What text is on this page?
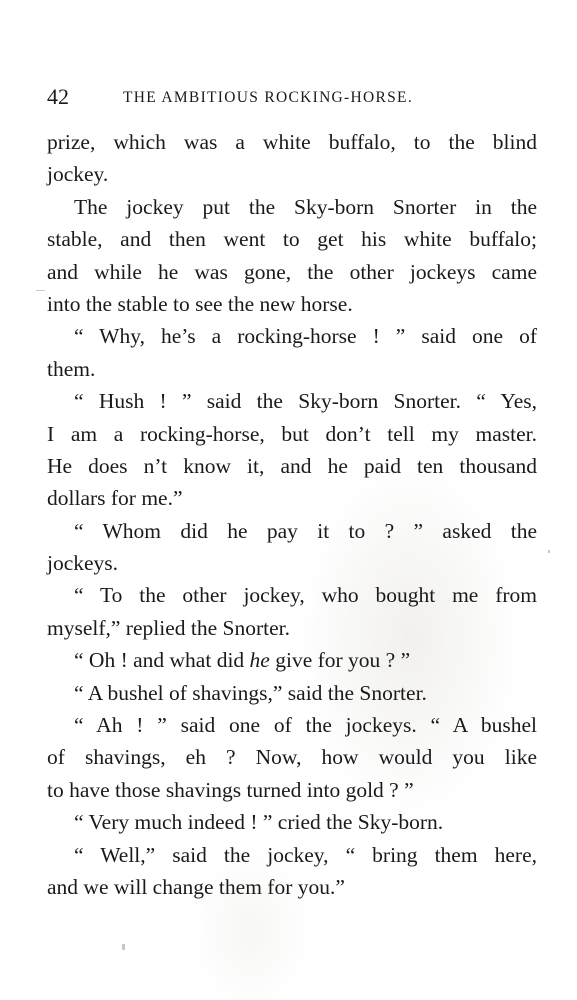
42	THE AMBITIOUS ROCKING-HORSE.
prize, which was a white buffalo, to the blind
jockey.
The jockey put the Sky-born Snorter in the
stable, and then went to get his white buffalo;
and while he was gone, the other jockeys came
into the stable to see the new horse.
“ Why, he’s a rocking-horse ! ” said one of
them.
“ Hush ! ” said the Sky-born Snorter. “ Yes,
I am a rocking-horse, but don’t tell my master.
He does n’t know it, and he paid ten thousand
dollars for me.”
“ Whom did he pay it to ? ” asked the
jockeys.
“ To the other jockey, who bought me from
myself,” replied the Snorter.
“ Oh ! and what did he give for you ? ”
“ A bushel of shavings,” said the Snorter.
“ Ah ! ” said one of the jockeys. “ A bushel
of shavings, eh ? Now, how would you like
to have those shavings turned into gold ? ”
“ Very much indeed ! ” cried the Sky-born.
“ Well,” said the jockey, “ bring them here,
and we will change them for you.”
